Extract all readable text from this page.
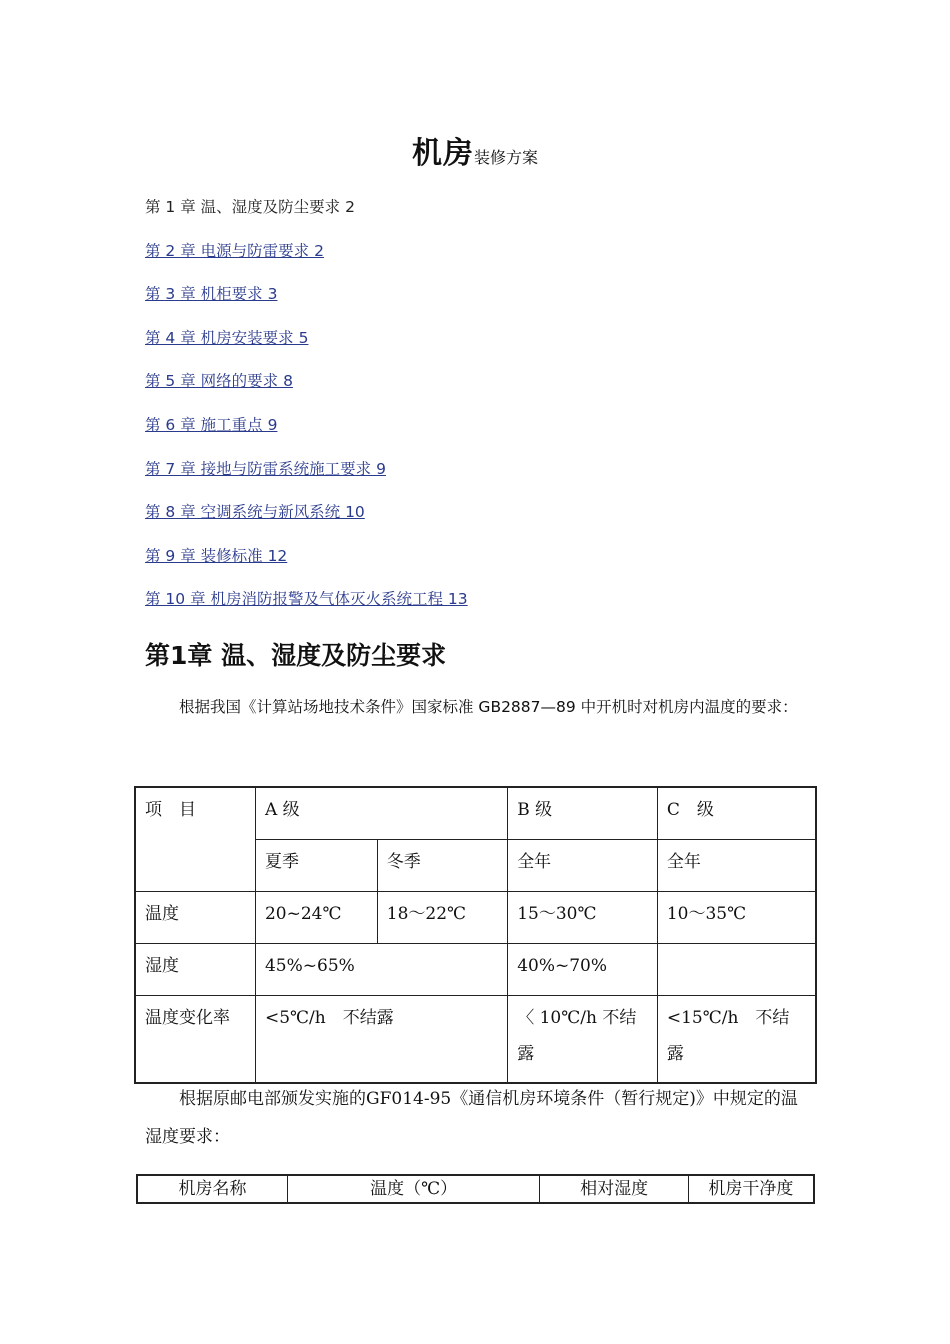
机房装修方案
第 1 章 温、湿度及防尘要求 2
第 2 章 电源与防雷要求 2
第 3 章 机柜要求 3
第 4 章 机房安装要求 5
第 5 章 网络的要求 8
第 6 章 施工重点 9
第 7 章 接地与防雷系统施工要求 9
第 8 章 空调系统与新风系统 10
第 9 章 装修标准 12
第 10 章 机房消防报警及气体灭火系统工程 13
第1章 温、湿度及防尘要求

根据我国《计算站场地技术条件》国家标准 GB2887—89 中开机时对机房内温度的要求：

项　目	A 级		B 级	C　级
	夏季	冬季	全年	全年
温度	20~24℃	18～22℃	15～30℃	10～35℃
湿度	45%~65%		40%~70%	
温度变化率	<5℃/h　不结露		〈 10℃/h 不结露	<15℃/h　不结露

根据原邮电部颁发实施的GF014-95《通信机房环境条件（暂行规定)》中规定的温湿度要求：

机房名称	温度（℃）	相对湿度	机房干净度
